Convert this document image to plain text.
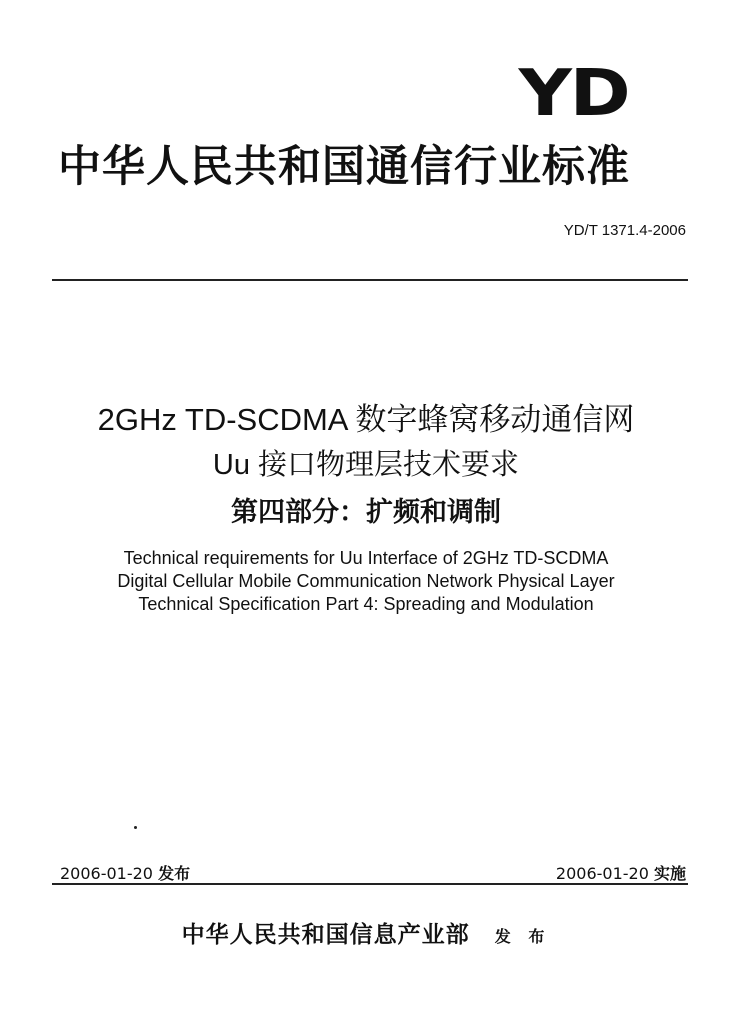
YD
中华人民共和国通信行业标准
YD/T 1371.4-2006
2GHz TD-SCDMA 数字蜂窝移动通信网
Uu 接口物理层技术要求
第四部分：扩频和调制
Technical requirements for Uu Interface of 2GHz TD-SCDMA
Digital Cellular Mobile Communication Network Physical Layer
Technical Specification Part 4: Spreading and Modulation
2006-01-20 发布	2006-01-20 实施
中华人民共和国信息产业部 发 布
